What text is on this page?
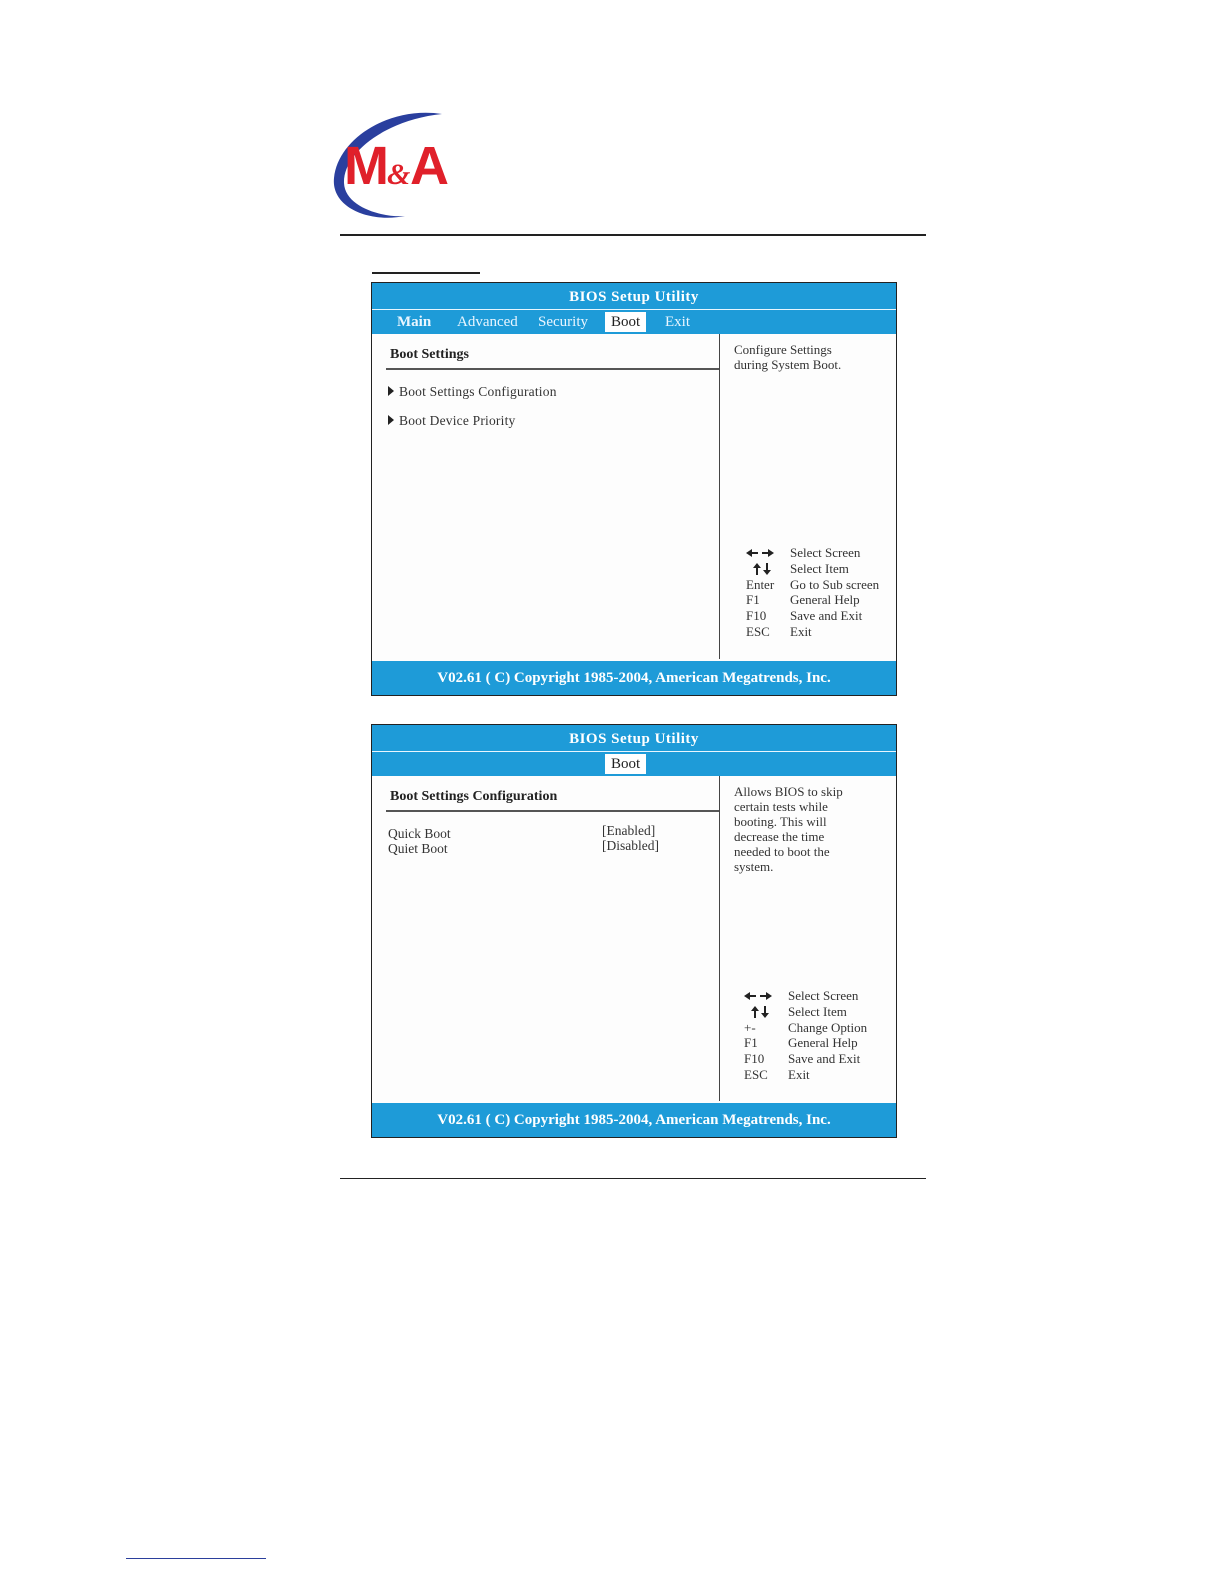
M & A
BIOS Setup Utility
Main Advanced Security	Boot	Exit
Boot Settings
Boot Settings Configuration
Boot Device Priority
Configure Settings
during System Boot.
Select Screen
Select Item
Enter	Go to Sub screen
F1	General Help
F10	Save and Exit
ESC	Exit
V02.61 ( C) Copyright 1985-2004, American Megatrends, Inc.
BIOS Setup Utility
Boot
Boot Settings Configuration
Quick Boot	[Enabled]
Quiet Boot	[Disabled]
Allows BIOS to skip
certain tests while
booting. This will
decrease the time
needed to boot the
system.
Select Screen
Select Item
+-	Change Option
F1	General Help
F10	Save and Exit
ESC	Exit
V02.61 ( C) Copyright 1985-2004, American Megatrends, Inc.
